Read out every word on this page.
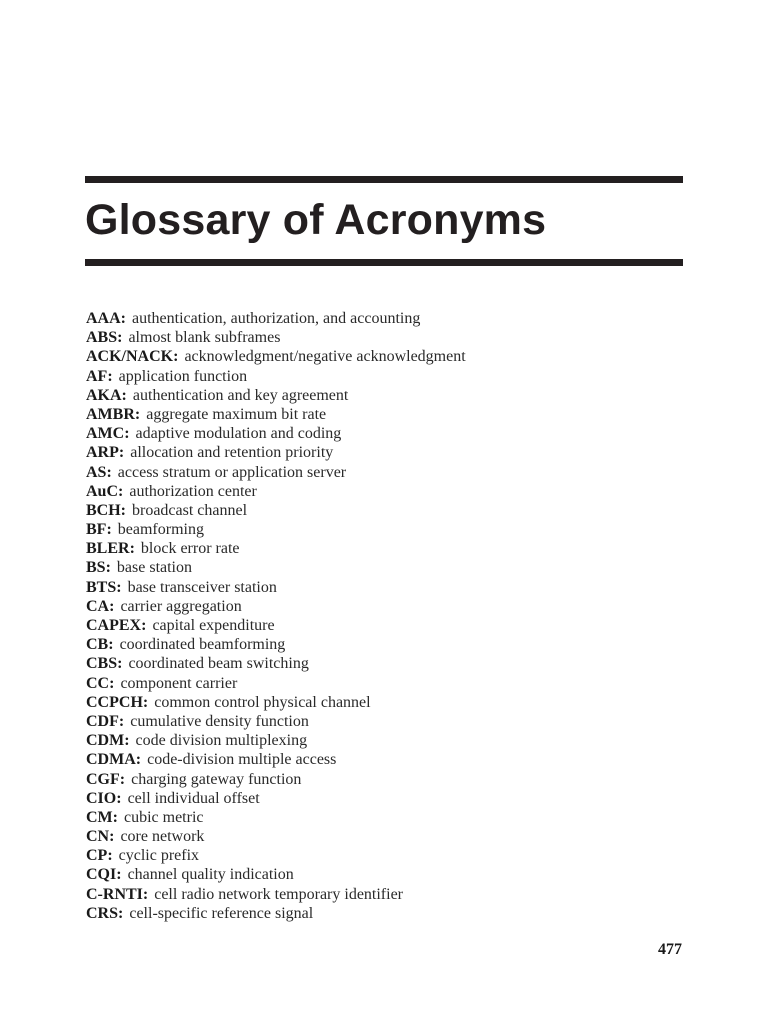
Glossary of Acronyms
AAA: authentication, authorization, and accounting
ABS: almost blank subframes
ACK/NACK: acknowledgment/negative acknowledgment
AF: application function
AKA: authentication and key agreement
AMBR: aggregate maximum bit rate
AMC: adaptive modulation and coding
ARP: allocation and retention priority
AS: access stratum or application server
AuC: authorization center
BCH: broadcast channel
BF: beamforming
BLER: block error rate
BS: base station
BTS: base transceiver station
CA: carrier aggregation
CAPEX: capital expenditure
CB: coordinated beamforming
CBS: coordinated beam switching
CC: component carrier
CCPCH: common control physical channel
CDF: cumulative density function
CDM: code division multiplexing
CDMA: code-division multiple access
CGF: charging gateway function
CIO: cell individual offset
CM: cubic metric
CN: core network
CP: cyclic prefix
CQI: channel quality indication
C-RNTI: cell radio network temporary identifier
CRS: cell-specific reference signal
477
